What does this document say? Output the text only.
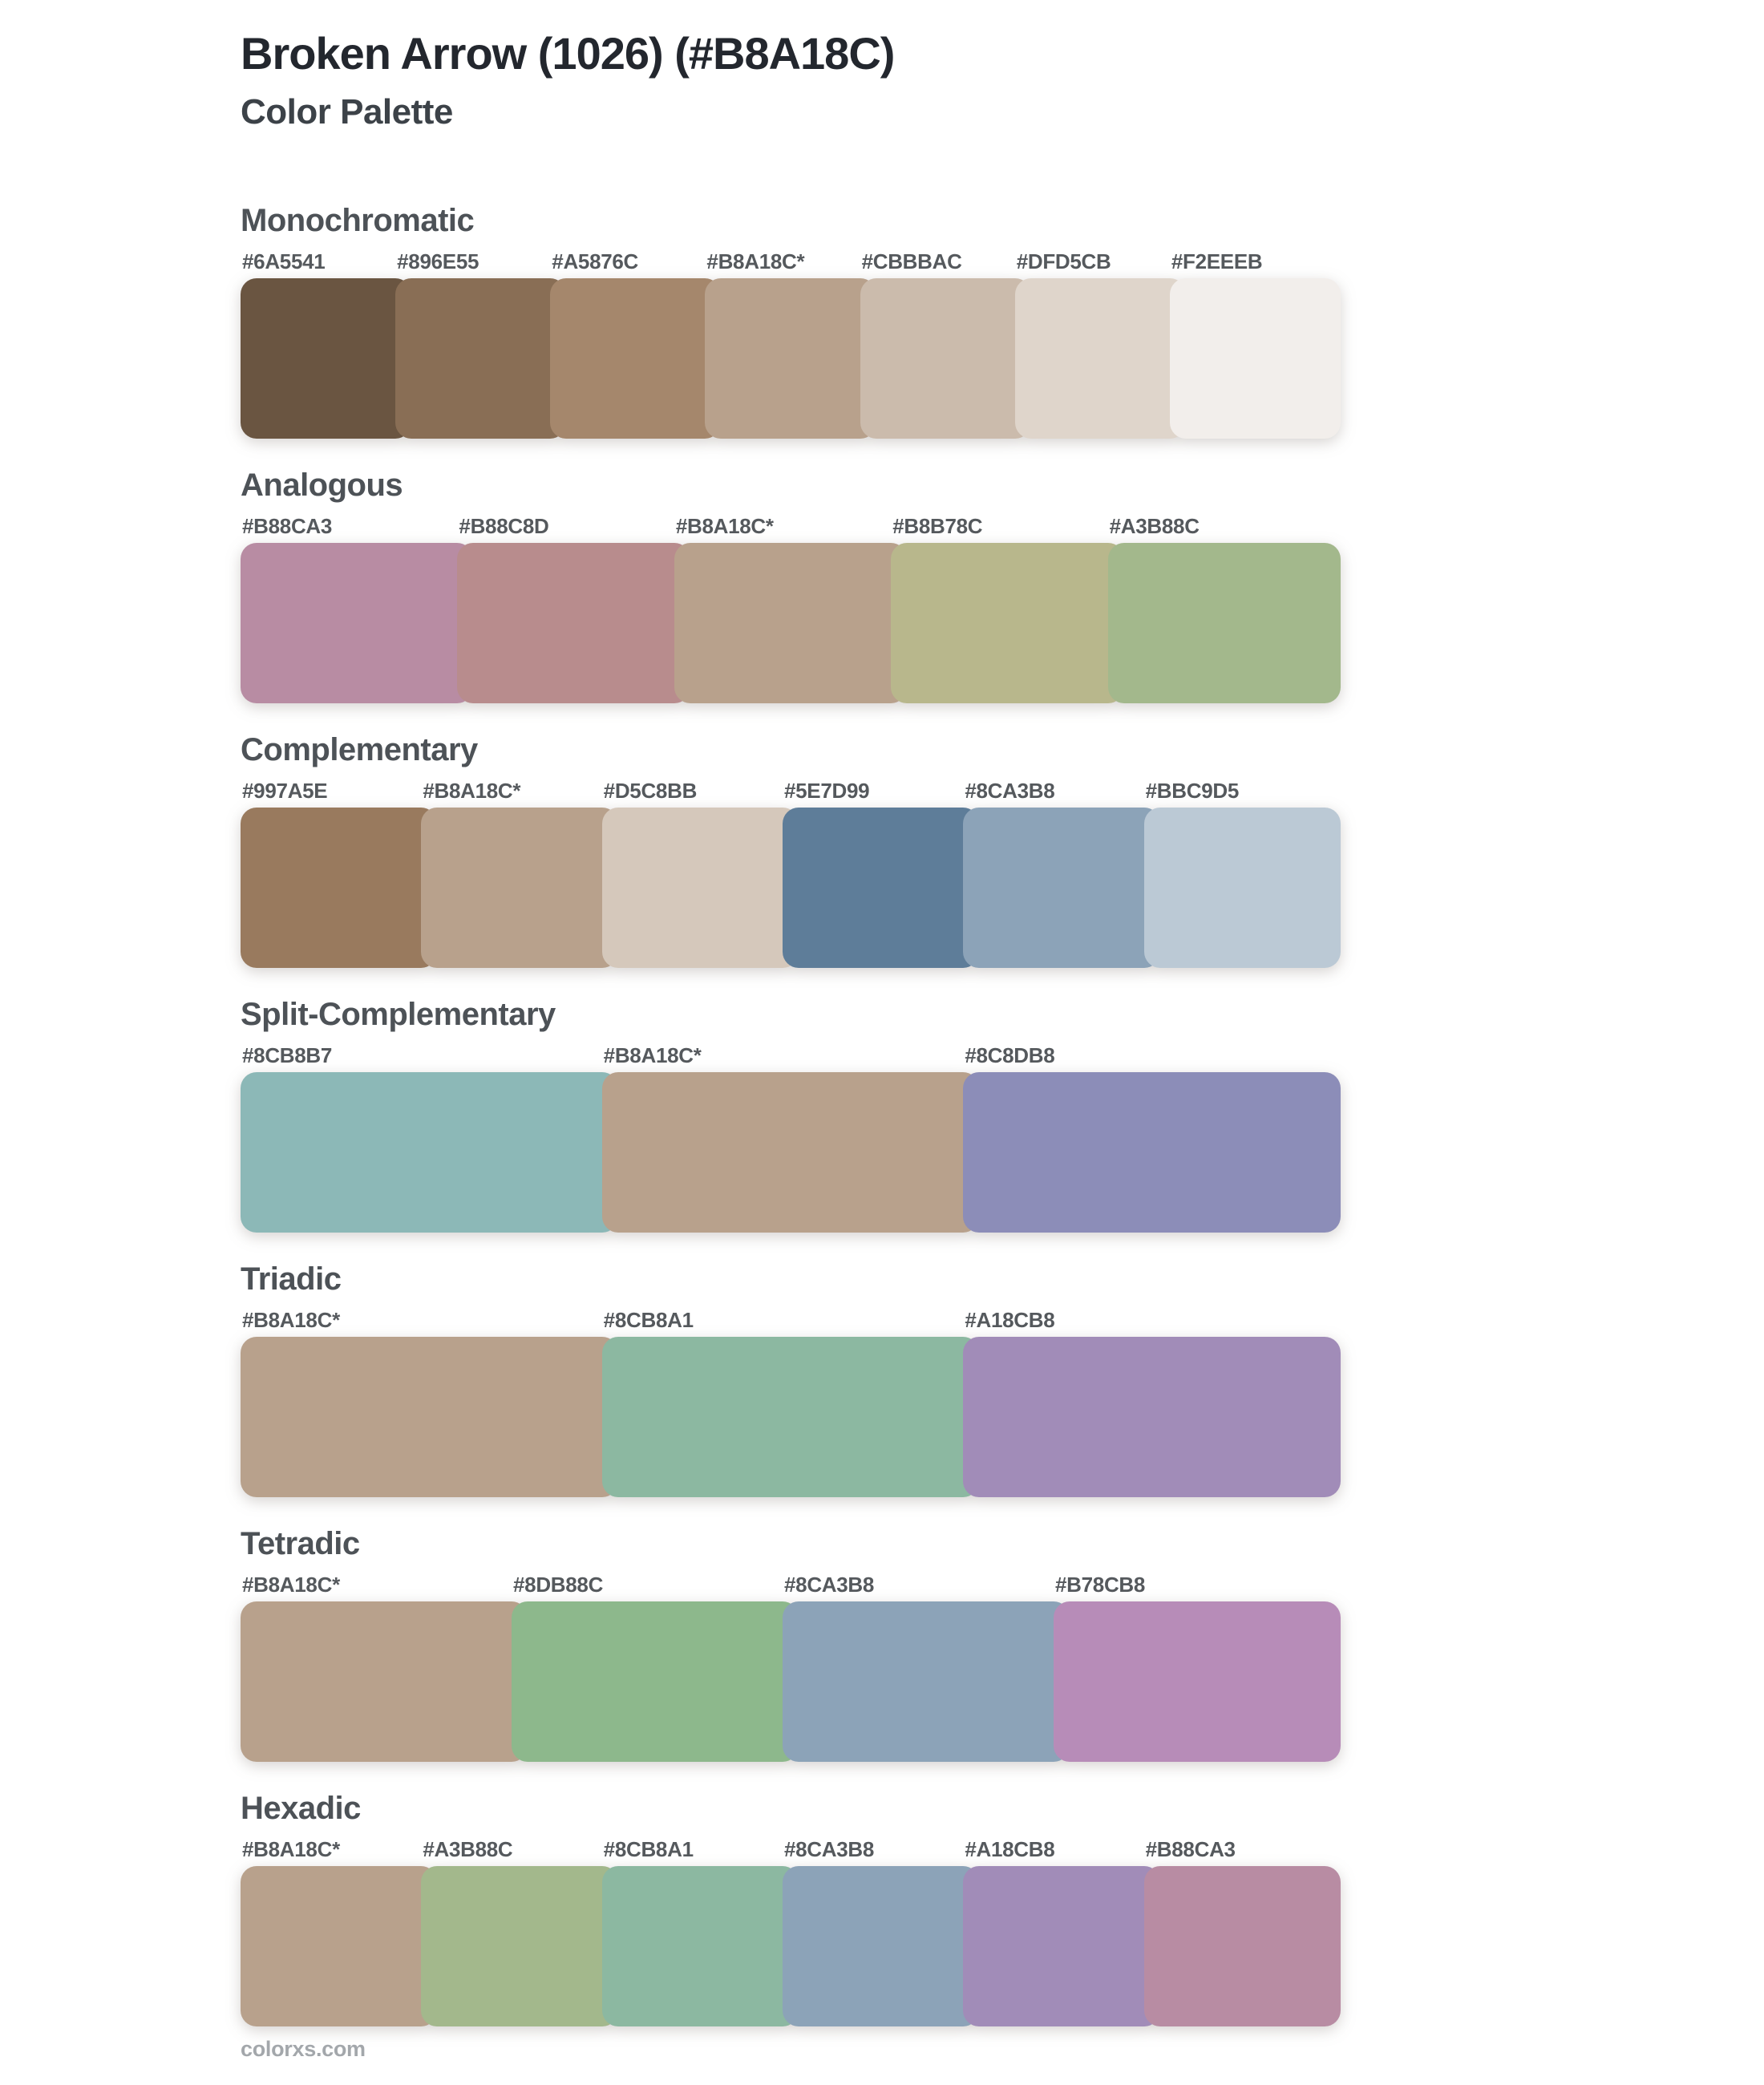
Broken Arrow (1026) (#B8A18C)
Color Palette
Monochromatic
#6A5541	#896E55	#A5876C	#B8A18C*	#CBBBAC	#DFD5CB	#F2EEEB
Analogous
#B88CA3	#B88C8D	#B8A18C*	#B8B78C	#A3B88C
Complementary
#997A5E	#B8A18C*	#D5C8BB	#5E7D99	#8CA3B8	#BBC9D5
Split-Complementary
#8CB8B7	#B8A18C*	#8C8DB8
Triadic
#B8A18C*	#8CB8A1	#A18CB8
Tetradic
#B8A18C*	#8DB88C	#8CA3B8	#B78CB8
Hexadic
#B8A18C*	#A3B88C	#8CB8A1	#8CA3B8	#A18CB8	#B88CA3
colorxs.com
